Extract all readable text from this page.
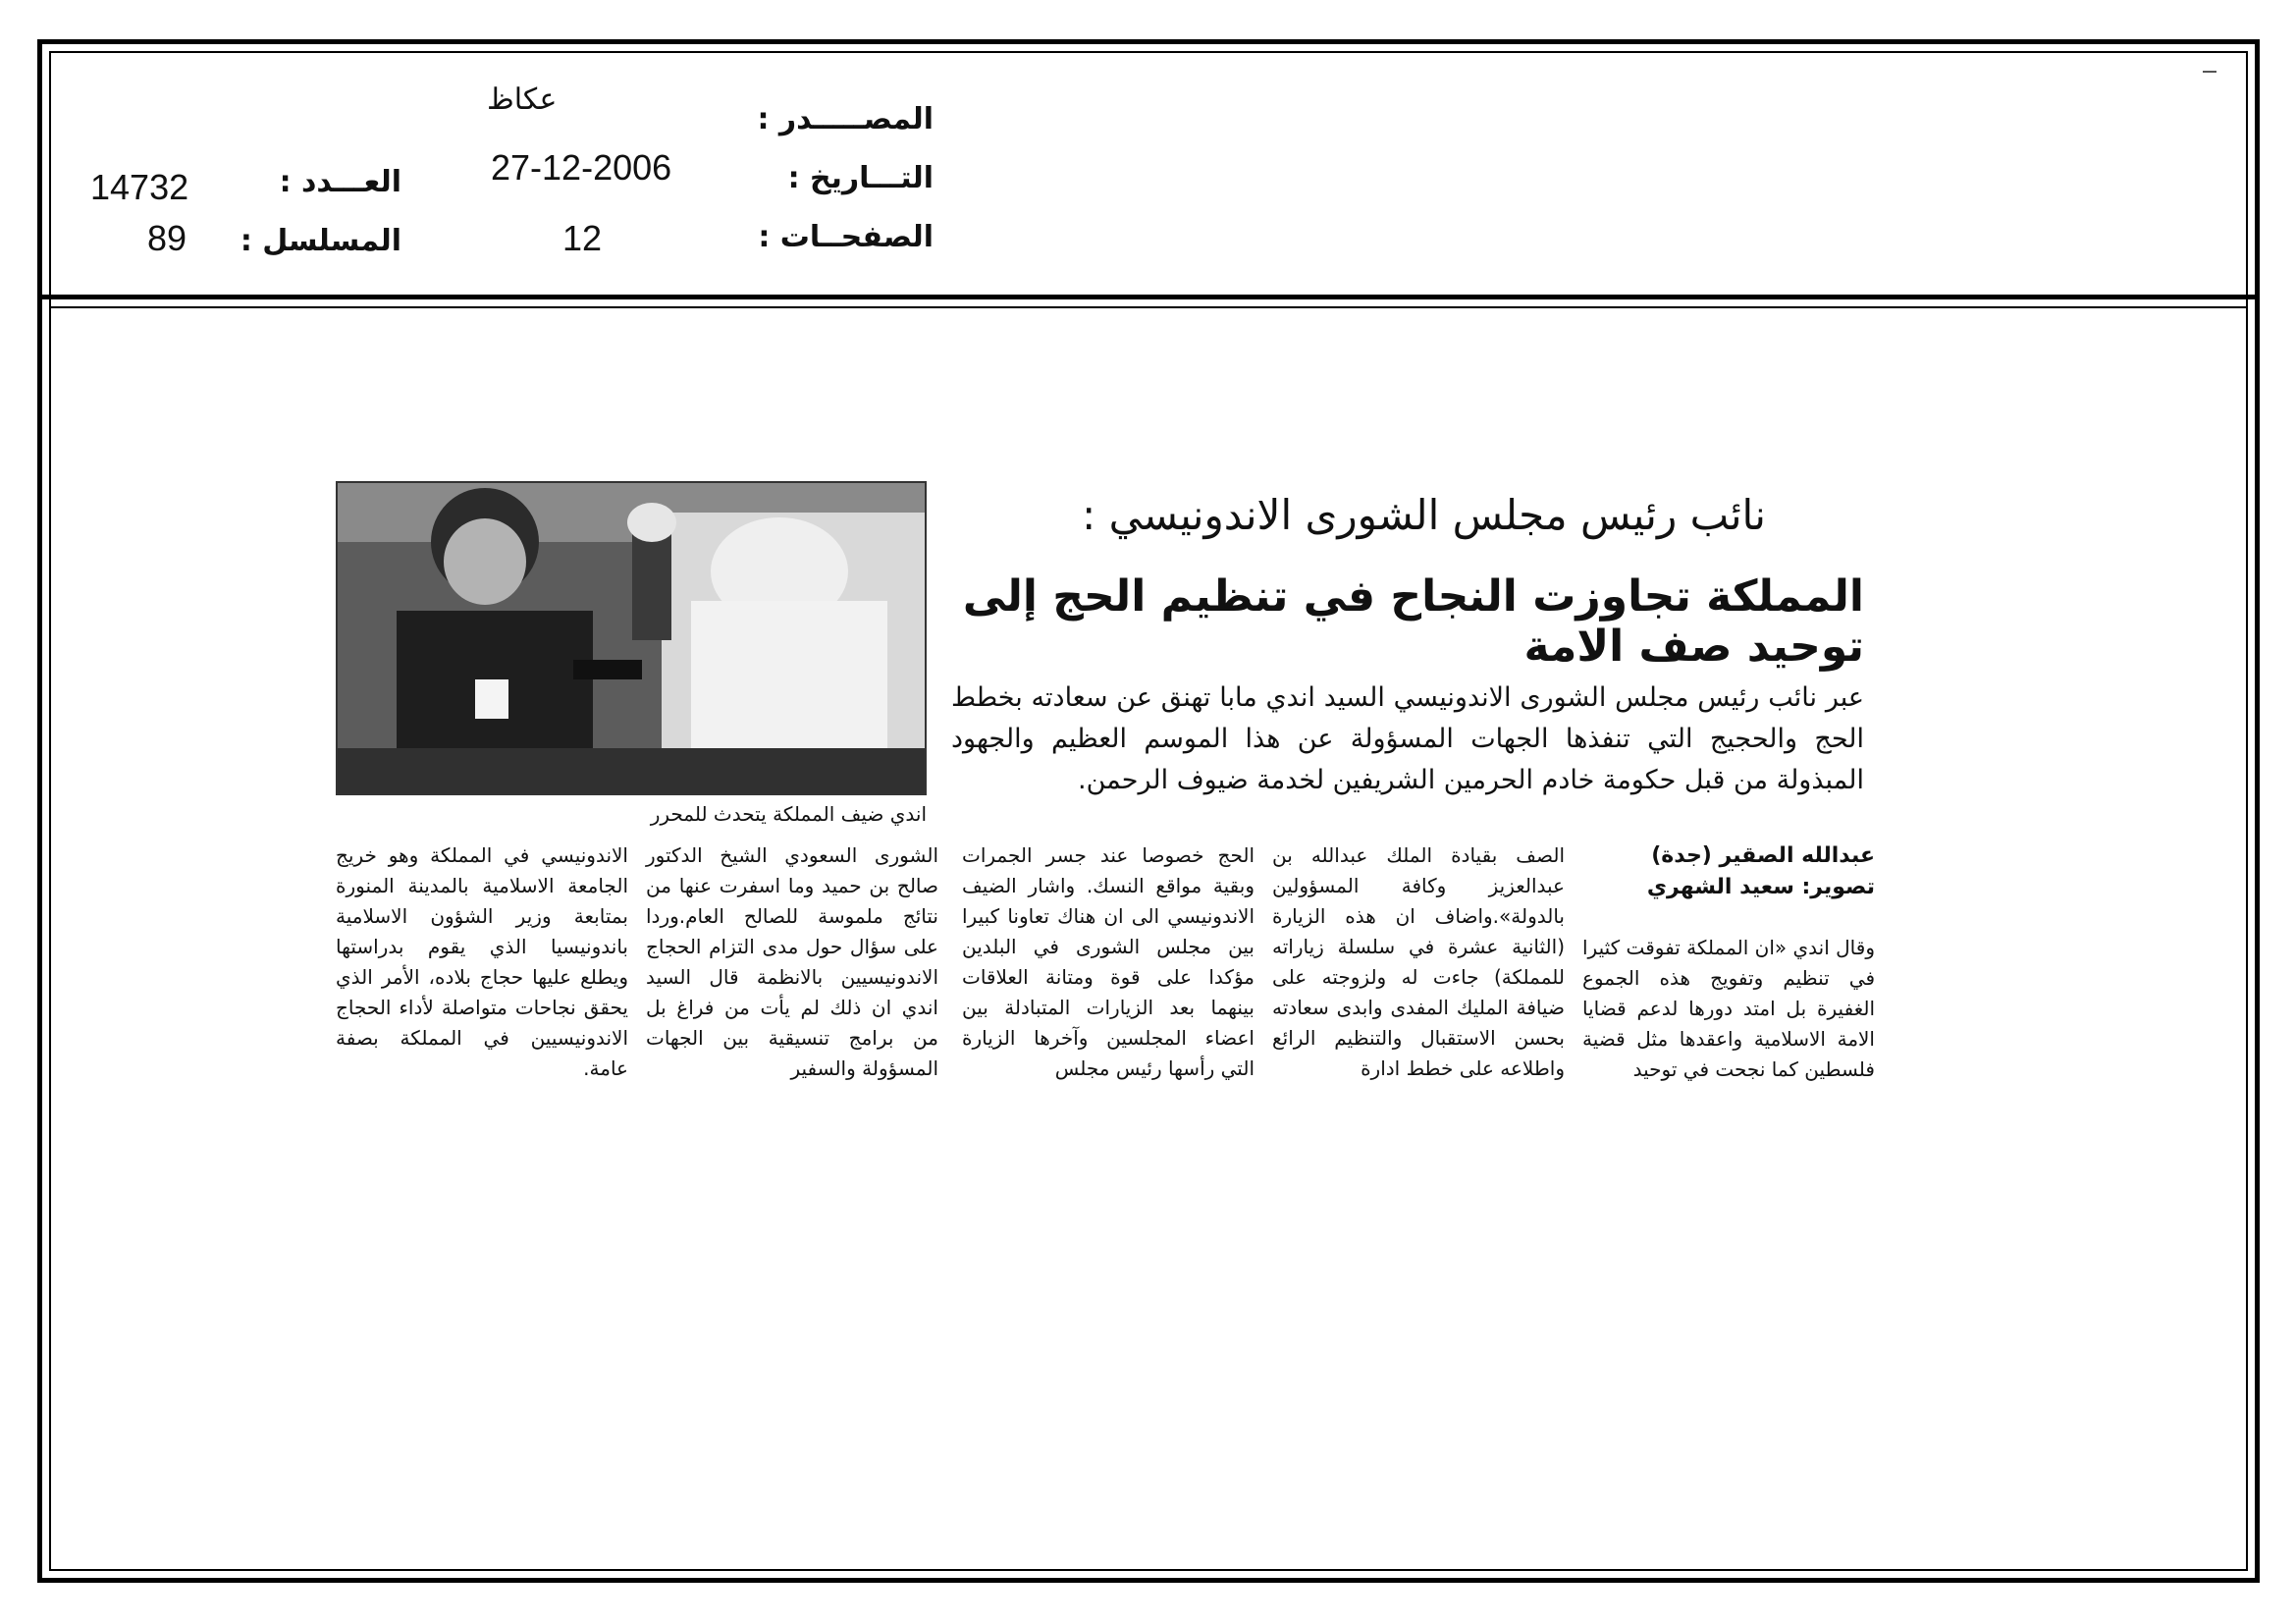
المصـــــدر :
عكاظ
التـــاريخ :
27-12-2006
الصفحــات :
12
العـــدد :
14732
المسلسل :
89
نائب رئيس مجلس الشورى الاندونيسي :
المملكة تجاوزت النجاح في تنظيم الحج إلى توحيد صف الامة
عبر نائب رئيس مجلس الشورى الاندونيسي السيد اندي مابا تهنق عن سعادته بخطط الحج والحجيج التي تنفذها الجهات المسؤولة عن هذا الموسم العظيم والجهود المبذولة من قبل حكومة خادم الحرمين الشريفين لخدمة ضيوف الرحمن.
اندي ضيف المملكة يتحدث للمحرر
عبدالله الصقير (جدة)
تصوير: سعيد الشهري
وقال اندي «ان المملكة تفوقت كثيرا في تنظيم وتفويج هذه الجموع الغفيرة بل امتد دورها لدعم قضايا الامة الاسلامية واعقدها مثل قضية فلسطين كما نجحت في توحيد
الصف بقيادة الملك عبدالله بن عبدالعزيز وكافة المسؤولين بالدولة».واضاف ان هذه الزيارة (الثانية عشرة في سلسلة زياراته للمملكة) جاءت له ولزوجته على ضيافة المليك المفدى وابدى سعادته بحسن الاستقبال والتنظيم الرائع واطلاعه على خطط ادارة
الحج خصوصا عند جسر الجمرات وبقية مواقع النسك. واشار الضيف الاندونيسي الى ان هناك تعاونا كبيرا بين مجلس الشورى في البلدين مؤكدا على قوة ومتانة العلاقات بينهما بعد الزيارات المتبادلة بين اعضاء المجلسين وآخرها الزيارة التي رأسها رئيس مجلس
الشورى السعودي الشيخ الدكتور صالح بن حميد وما اسفرت عنها من نتائج ملموسة للصالح العام.وردا على سؤال حول مدى التزام الحجاج الاندونيسيين بالانظمة قال السيد اندي ان ذلك لم يأت من فراغ بل من برامج تنسيقية بين الجهات المسؤولة والسفير
الاندونيسي في المملكة وهو خريج الجامعة الاسلامية بالمدينة المنورة بمتابعة وزير الشؤون الاسلامية باندونيسيا الذي يقوم بدراستها ويطلع عليها حجاج بلاده، الأمر الذي يحقق نجاحات متواصلة لأداء الحجاج الاندونيسيين في المملكة بصفة عامة.
